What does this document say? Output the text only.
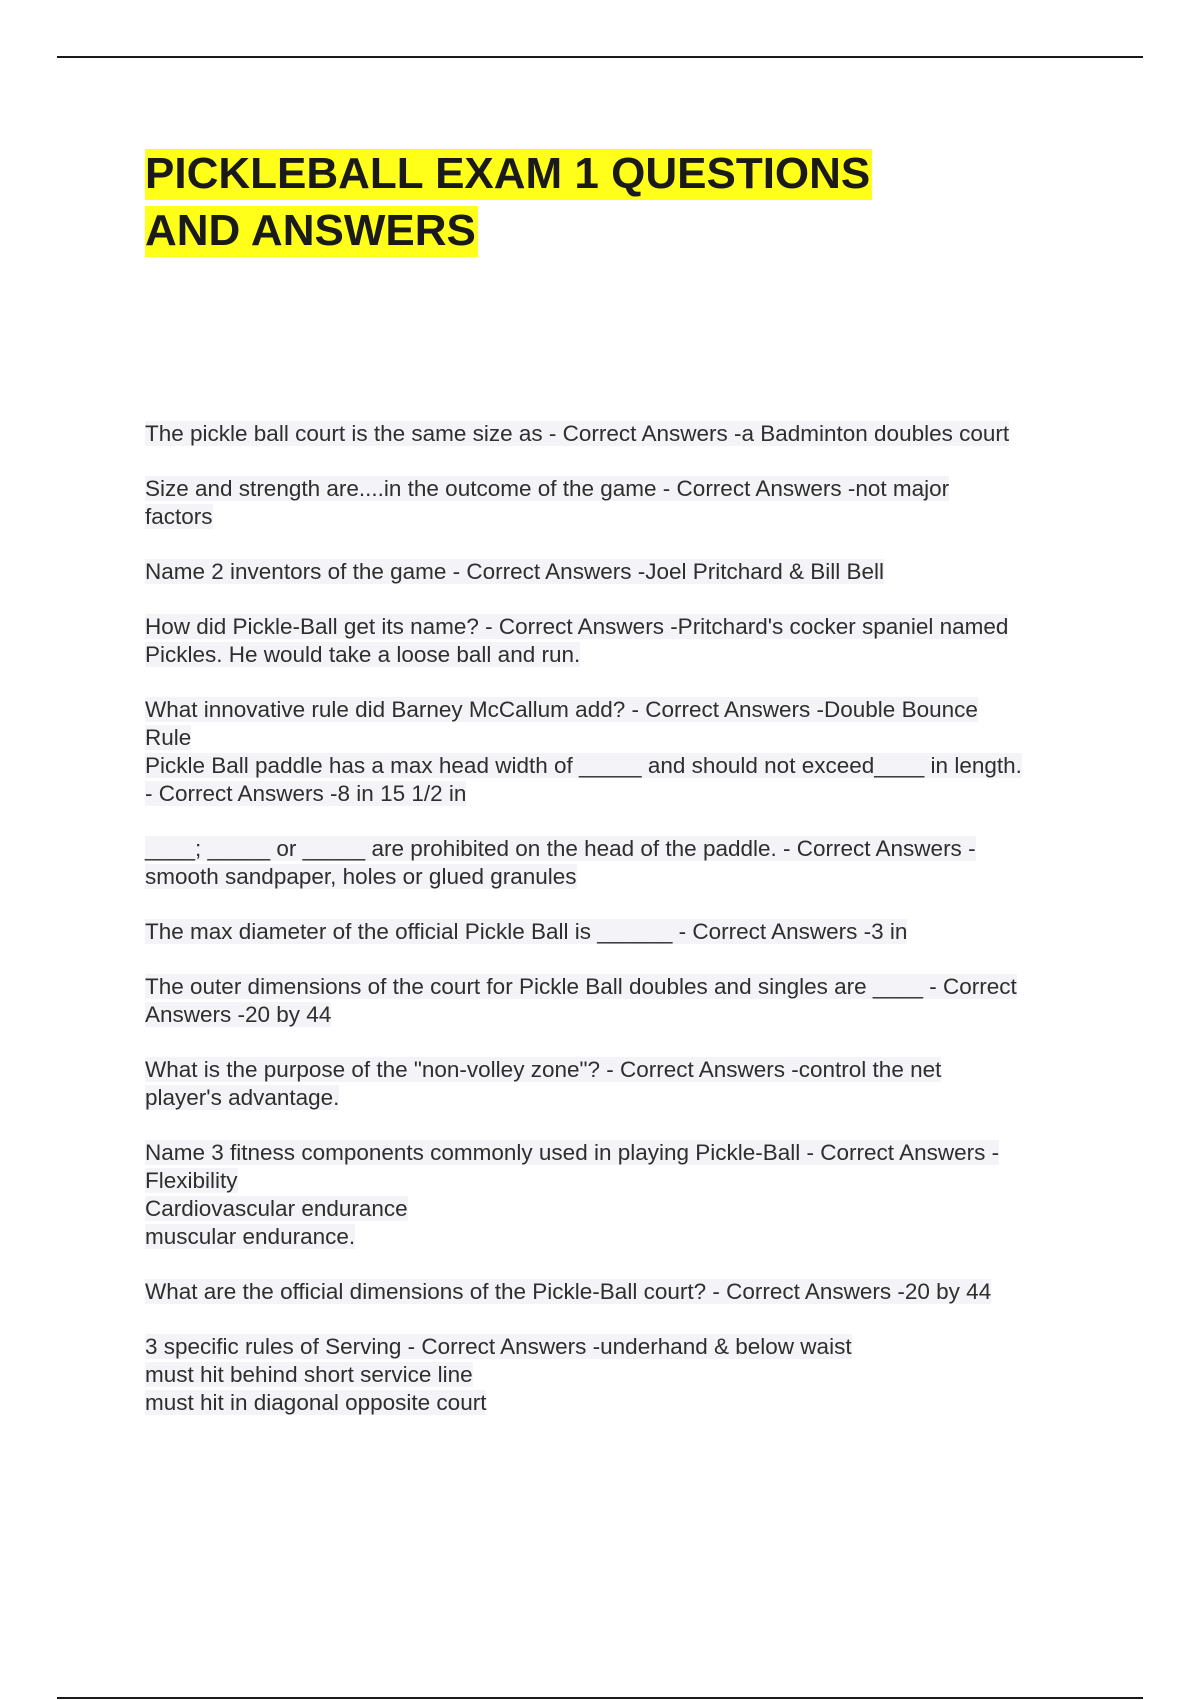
PICKLEBALL EXAM 1 QUESTIONS
AND ANSWERS

The pickle ball court is the same size as - Correct Answers -a Badminton doubles court

Size and strength are....in the outcome of the game - Correct Answers -not major
factors

Name 2 inventors of the game - Correct Answers -Joel Pritchard & Bill Bell

How did Pickle-Ball get its name? - Correct Answers -Pritchard's cocker spaniel named
Pickles. He would take a loose ball and run.

What innovative rule did Barney McCallum add? - Correct Answers -Double Bounce
Rule

Pickle Ball paddle has a max head width of _____ and should not exceed____ in length.
- Correct Answers -8 in 15 1/2 in

____; _____ or _____ are prohibited on the head of the paddle. - Correct Answers -
smooth sandpaper, holes or glued granules

The max diameter of the official Pickle Ball is ______ - Correct Answers -3 in

The outer dimensions of the court for Pickle Ball doubles and singles are ____ - Correct
Answers -20 by 44

What is the purpose of the "non-volley zone"? - Correct Answers -control the net
player's advantage.

Name 3 fitness components commonly used in playing Pickle-Ball - Correct Answers -
Flexibility
Cardiovascular endurance
muscular endurance.

What are the official dimensions of the Pickle-Ball court? - Correct Answers -20 by 44

3 specific rules of Serving - Correct Answers -underhand & below waist
must hit behind short service line
must hit in diagonal opposite court
